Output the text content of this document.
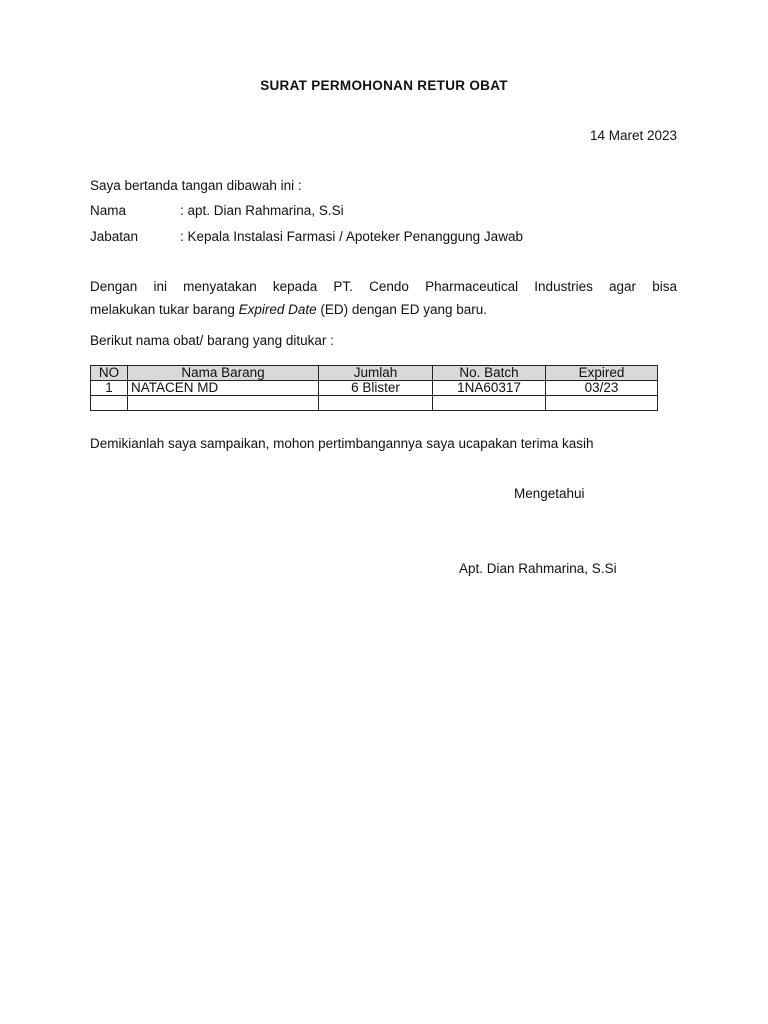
SURAT PERMOHONAN RETUR OBAT
14 Maret 2023
Saya bertanda tangan dibawah ini :
Nama	: apt. Dian Rahmarina, S.Si
Jabatan	: Kepala Instalasi Farmasi / Apoteker Penanggung Jawab
Dengan ini menyatakan kepada PT. Cendo Pharmaceutical Industries agar bisa
melakukan tukar barang Expired Date (ED) dengan ED yang baru.
Berikut nama obat/ barang yang ditukar :
NO	Nama Barang	Jumlah	No. Batch	Expired
1	NATACEN MD	6 Blister	1NA60317	03/23

Demikianlah saya sampaikan, mohon pertimbangannya saya ucapakan terima kasih
Mengetahui
Apt. Dian Rahmarina, S.Si
